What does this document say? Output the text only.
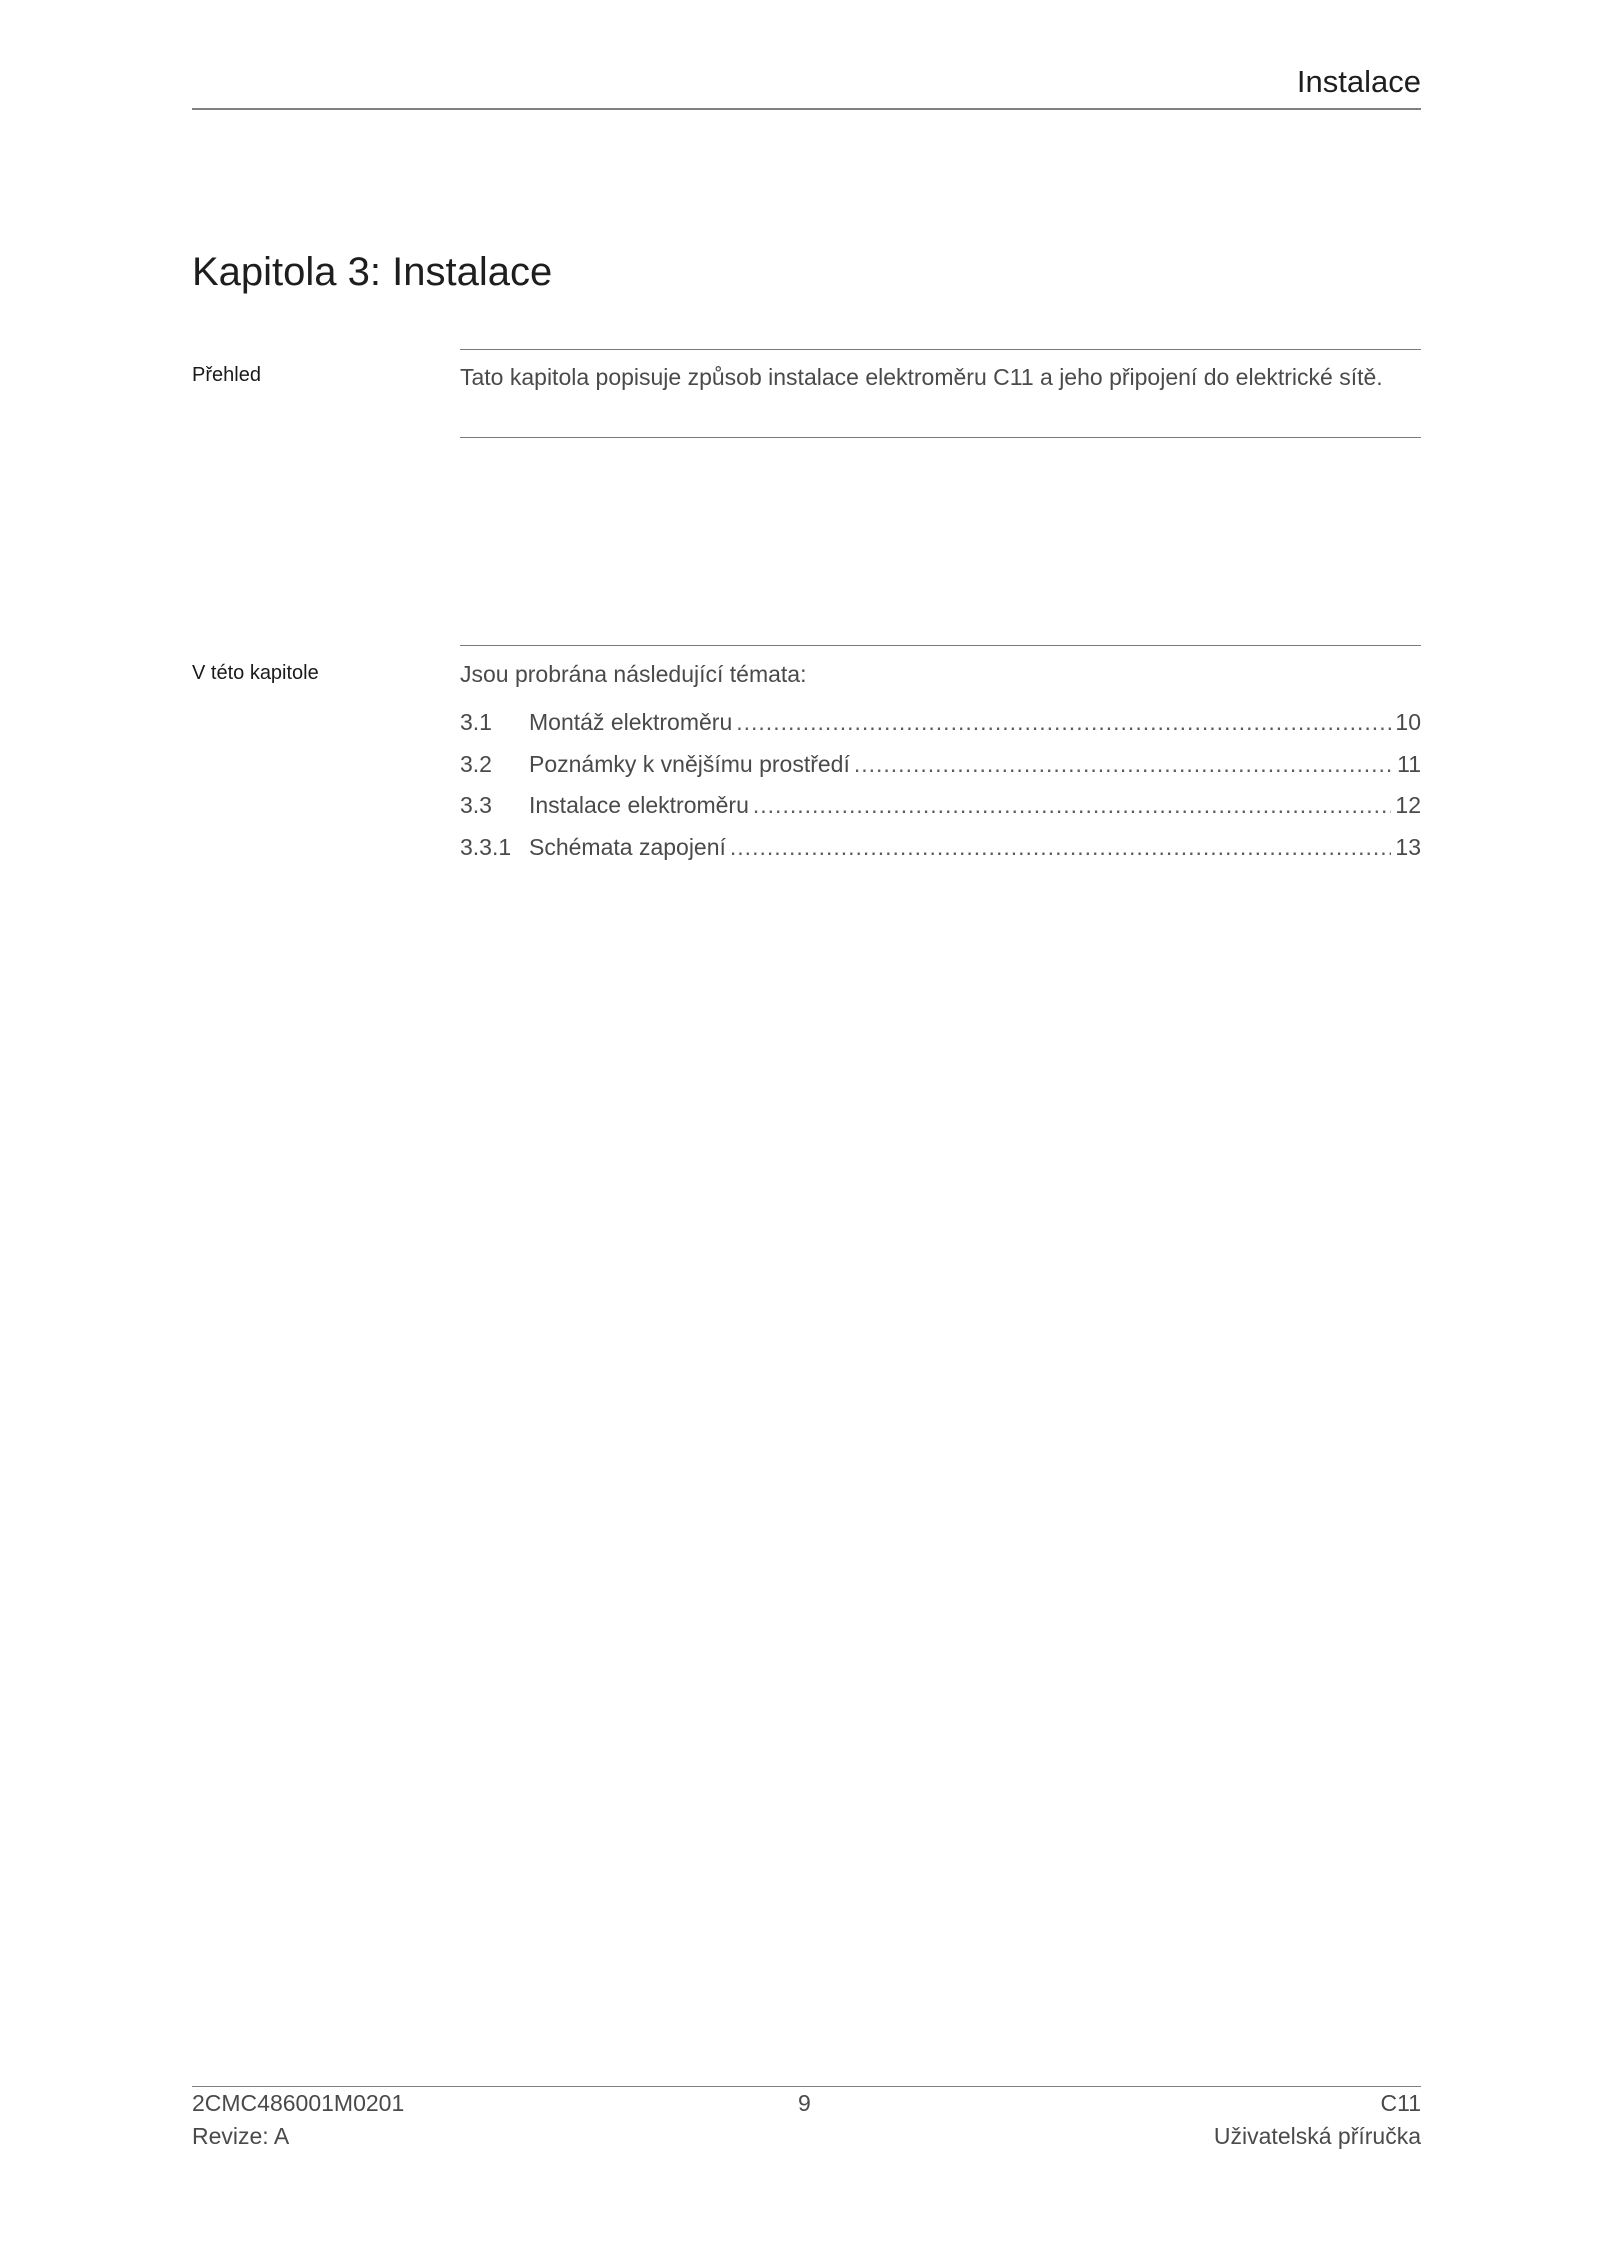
Instalace
Kapitola 3: Instalace
Přehled	Tato kapitola popisuje způsob instalace elektroměru C11 a jeho připojení do elektrické sítě.

V této kapitole	Jsou probrána následující témata:

3.1	Montáž elektroměru .....	10
3.2	Poznámky k vnějšímu prostředí .....	11
3.3	Instalace elektroměru .....	12
3.3.1 Schémata zapojení .....	13
2CMC486001M0201
Revize: A
9	C11
Uživatelská příručka
